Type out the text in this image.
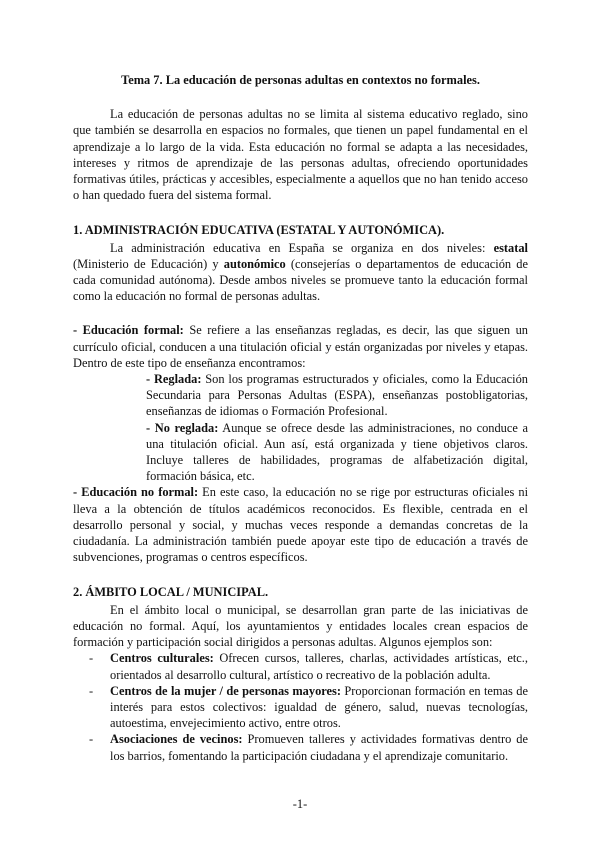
Tema 7. La educación de personas adultas en contextos no formales.

La educación de personas adultas no se limita al sistema educativo reglado, sino que también se desarrolla en espacios no formales, que tienen un papel fundamental en el aprendizaje a lo largo de la vida. Esta educación no formal se adapta a las necesidades, intereses y ritmos de aprendizaje de las personas adultas, ofreciendo oportunidades formativas útiles, prácticas y accesibles, especialmente a aquellos que no han tenido acceso o han quedado fuera del sistema formal.

1. ADMINISTRACIÓN EDUCATIVA (ESTATAL Y AUTONÓMICA).

La administración educativa en España se organiza en dos niveles: estatal (Ministerio de Educación) y autonómico (consejerías o departamentos de educación de cada comunidad autónoma). Desde ambos niveles se promueve tanto la educación formal como la educación no formal de personas adultas.

- Educación formal: Se refiere a las enseñanzas regladas, es decir, las que siguen un currículo oficial, conducen a una titulación oficial y están organizadas por niveles y etapas. Dentro de este tipo de enseñanza encontramos:

- Reglada: Son los programas estructurados y oficiales, como la Educación Secundaria para Personas Adultas (ESPA), enseñanzas postobligatorias, enseñanzas de idiomas o Formación Profesional.

- No reglada: Aunque se ofrece desde las administraciones, no conduce a una titulación oficial. Aun así, está organizada y tiene objetivos claros. Incluye talleres de habilidades, programas de alfabetización digital, formación básica, etc.

- Educación no formal: En este caso, la educación no se rige por estructuras oficiales ni lleva a la obtención de títulos académicos reconocidos. Es flexible, centrada en el desarrollo personal y social, y muchas veces responde a demandas concretas de la ciudadanía. La administración también puede apoyar este tipo de educación a través de subvenciones, programas o centros específicos.

2. ÁMBITO LOCAL / MUNICIPAL.

En el ámbito local o municipal, se desarrollan gran parte de las iniciativas de educación no formal. Aquí, los ayuntamientos y entidades locales crean espacios de formación y participación social dirigidos a personas adultas. Algunos ejemplos son:

- Centros culturales: Ofrecen cursos, talleres, charlas, actividades artísticas, etc., orientados al desarrollo cultural, artístico o recreativo de la población adulta.
- Centros de la mujer / de personas mayores: Proporcionan formación en temas de interés para estos colectivos: igualdad de género, salud, nuevas tecnologías, autoestima, envejecimiento activo, entre otros.
- Asociaciones de vecinos: Promueven talleres y actividades formativas dentro de los barrios, fomentando la participación ciudadana y el aprendizaje comunitario.
-1-
